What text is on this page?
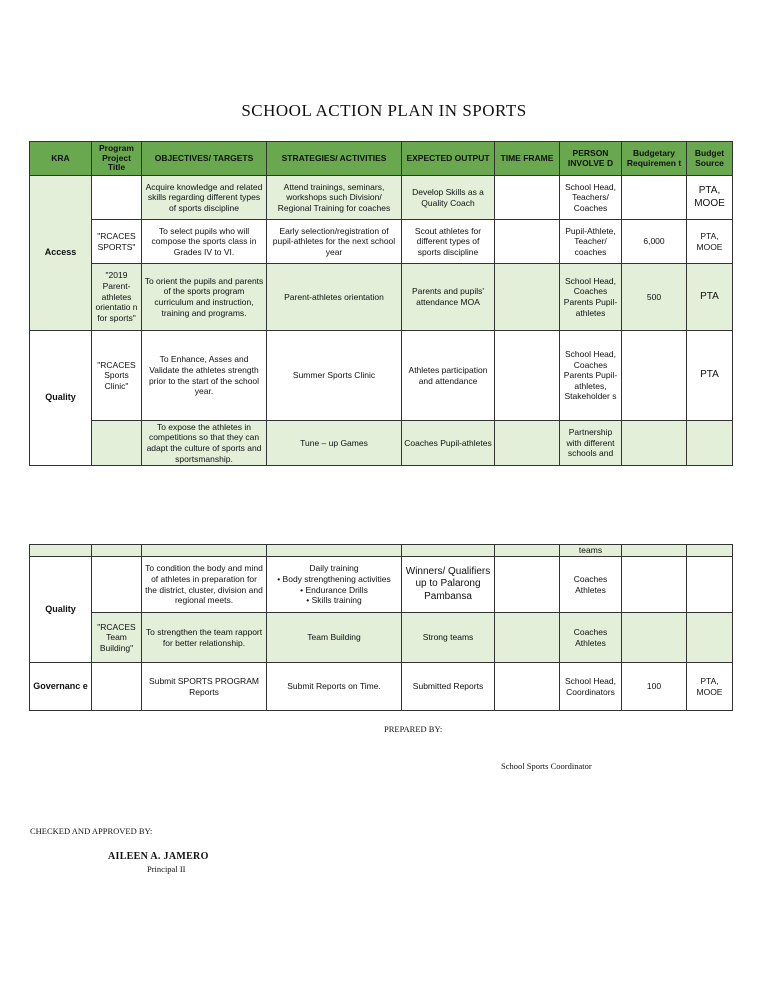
SCHOOL ACTION PLAN IN SPORTS
KRA	Program Project Title	OBJECTIVES/ TARGETS	STRATEGIES/ ACTIVITIES	EXPECTED OUTPUT	TIME FRAME	PERSON INVOLVE D	Budgetary Requiremen t	Budget Source
Access		Acquire knowledge and related skills regarding different types of sports discipline	Attend trainings, seminars, workshops such Division/ Regional Training for coaches	Develop Skills as a Quality Coach		School Head, Teachers/ Coaches		PTA, MOOE
	"RCACES SPORTS"	To select pupils who will compose the sports class in Grades IV to VI.	Early selection/registration of pupil-athletes for the next school year	Scout athletes for different types of sports discipline		Pupil-Athlete, Teacher/ coaches	6,000	PTA, MOOE
	"2019 Parent-athletes orientatio n for sports"	To orient the pupils and parents of the sports program curriculum and instruction, training and programs.	Parent-athletes orientation	Parents and pupils' attendance MOA		School Head, Coaches Parents Pupil-athletes	500	PTA
Quality	"RCACES Sports Clinic"	To Enhance, Asses and Validate the athletes strength prior to the start of the school year.	Summer Sports Clinic	Athletes participation and attendance		School Head, Coaches Parents Pupil-athletes, Stakeholder s		PTA
		To expose the athletes in competitions so that they can adapt the culture of sports and sportsmanship.	Tune – up Games	Coaches Pupil-athletes		Partnership with different schools and		
						teams		
Quality		To condition the body and mind of athletes in preparation for the district, cluster, division and regional meets.	Daily training
• Body strengthening activities
• Endurance Drills
• Skills training	Winners/ Qualifiers up to Palarong Pambansa		Coaches Athletes		
	"RCACES Team Building"	To strengthen the team rapport for better relationship.	Team Building	Strong teams		Coaches Athletes		
Governanc e		Submit SPORTS PROGRAM Reports	Submit Reports on Time.	Submitted Reports		School Head, Coordinators	100	PTA, MOOE
PREPARED BY:
School Sports Coordinator
CHECKED AND APPROVED BY:
AILEEN A. JAMERO
Principal II
